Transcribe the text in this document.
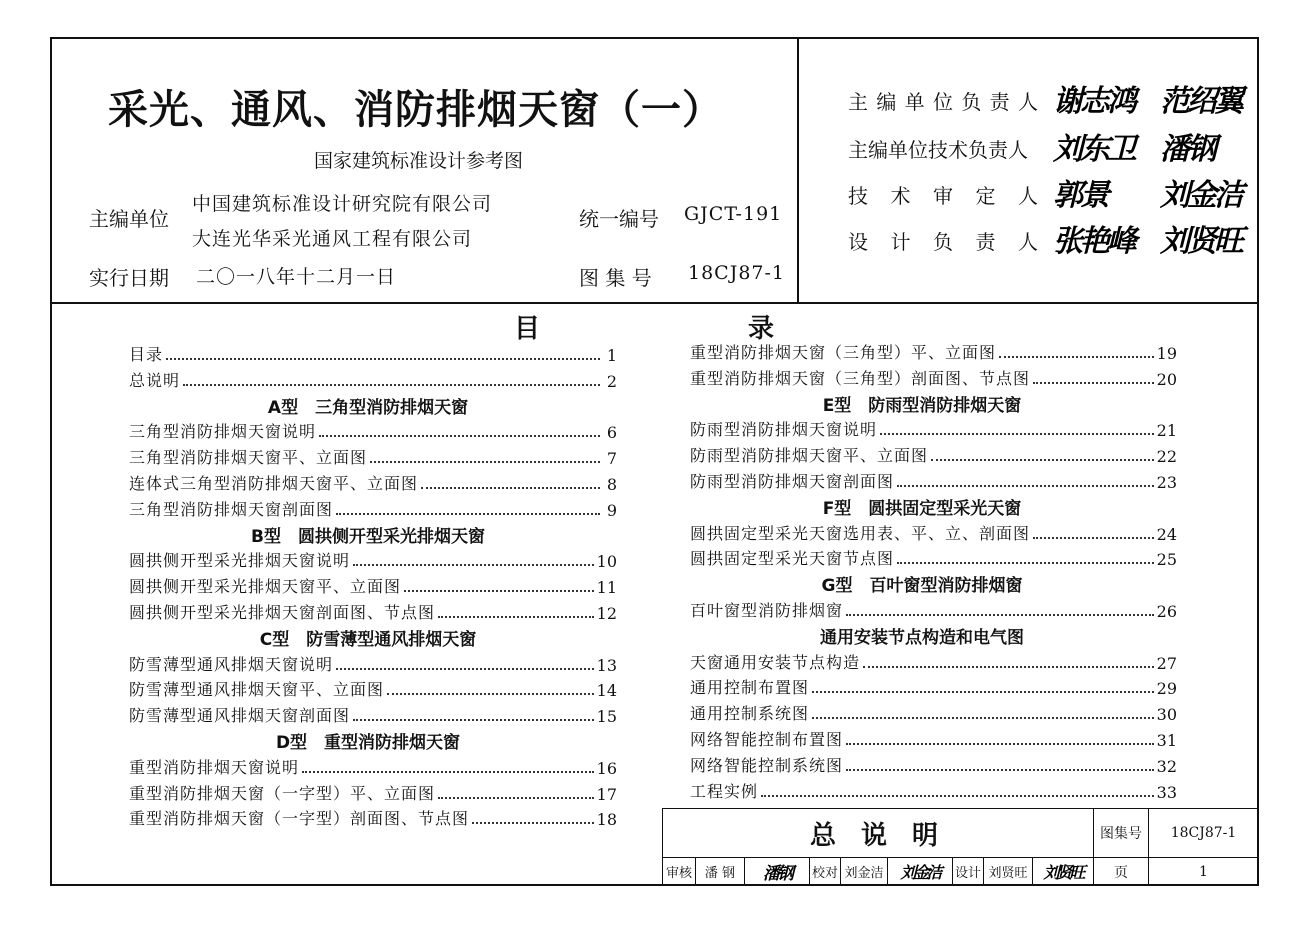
采光、通风、消防排烟天窗（一）
国家建筑标准设计参考图
主编单位
中国建筑标准设计研究院有限公司
大连光华采光通风工程有限公司
实行日期 二〇一八年十二月一日
统一编号 GJCT-191
图 集 号 18CJ87-1
主 编 单 位 负 责 人 谢志鸿 范绍翼
主编单位技术负责人 刘东卫 潘钢
技 术 审 定 人 郭景 刘金洁
设 计 负 责 人 张艳峰 刘贤旺
目	录
目录	1
总说明	2
A型　三角型消防排烟天窗
三角型消防排烟天窗说明	6
三角型消防排烟天窗平、立面图	7
连体式三角型消防排烟天窗平、立面图	8
三角型消防排烟天窗剖面图	9
B型　圆拱侧开型采光排烟天窗
圆拱侧开型采光排烟天窗说明	10
圆拱侧开型采光排烟天窗平、立面图	11
圆拱侧开型采光排烟天窗剖面图、节点图	12
C型　防雪薄型通风排烟天窗
防雪薄型通风排烟天窗说明	13
防雪薄型通风排烟天窗平、立面图	14
防雪薄型通风排烟天窗剖面图	15
D型　重型消防排烟天窗
重型消防排烟天窗说明	16
重型消防排烟天窗（一字型）平、立面图	17
重型消防排烟天窗（一字型）剖面图、节点图	18
重型消防排烟天窗（三角型）平、立面图	19
重型消防排烟天窗（三角型）剖面图、节点图	20
E型　防雨型消防排烟天窗
防雨型消防排烟天窗说明	21
防雨型消防排烟天窗平、立面图	22
防雨型消防排烟天窗剖面图	23
F型　圆拱固定型采光天窗
圆拱固定型采光天窗选用表、平、立、剖面图	24
圆拱固定型采光天窗节点图	25
G型　百叶窗型消防排烟窗
百叶窗型消防排烟窗	26
通用安装节点构造和电气图
天窗通用安装节点构造	27
通用控制布置图	29
通用控制系统图	30
网络智能控制布置图	31
网络智能控制系统图	32
工程实例	33
总 说 明	图集号	18CJ87-1
审核 潘 钢	潘钢 校对 刘金洁 刘金洁 设计 刘贤旺 刘贤旺	页	1
